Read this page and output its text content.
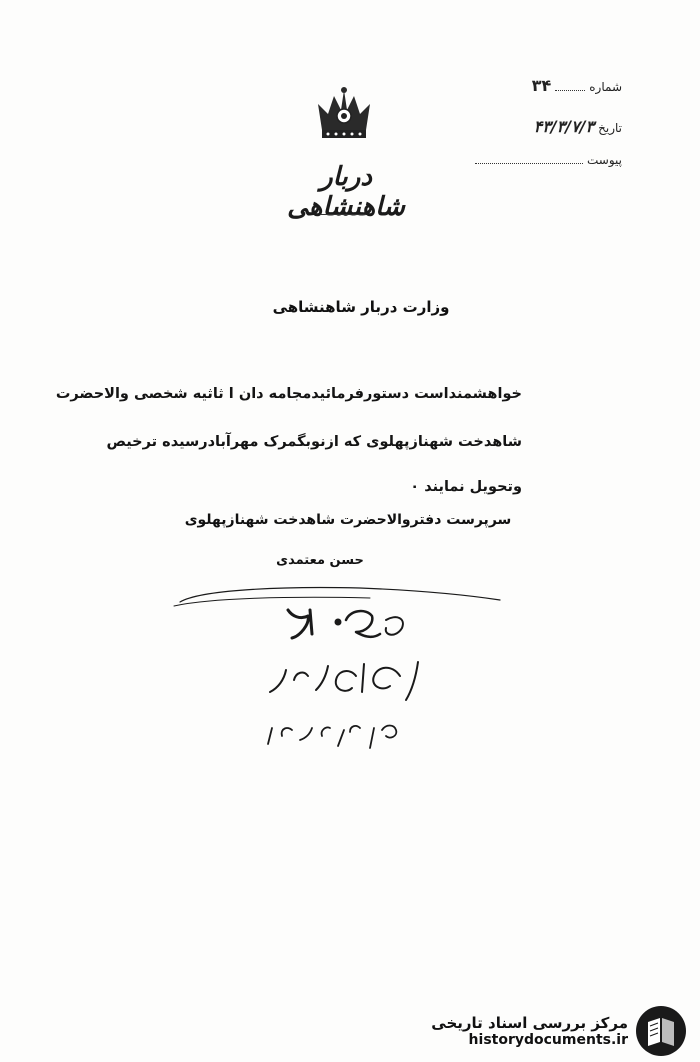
شماره
۳۴
تاریخ
۴۳/۳/۷/۳
پیوست
دربار شاهنشاهی
وزارت دربار شاهنشاهی
خواهشمنداست دستورفرمائیدمجامه دان ا ثاثیه شخصی والاحضرت
شاهدخت شهنازپهلوی که ازنوبگمرک مهرآبادرسیده ترخیص
وتحویل نمایند ٠
سرپرست دفتروالاحضرت شاهدخت شهنازپهلوی
حسن معتمدی
مرکز بررسی اسناد تاریخی
historydocuments.ir
